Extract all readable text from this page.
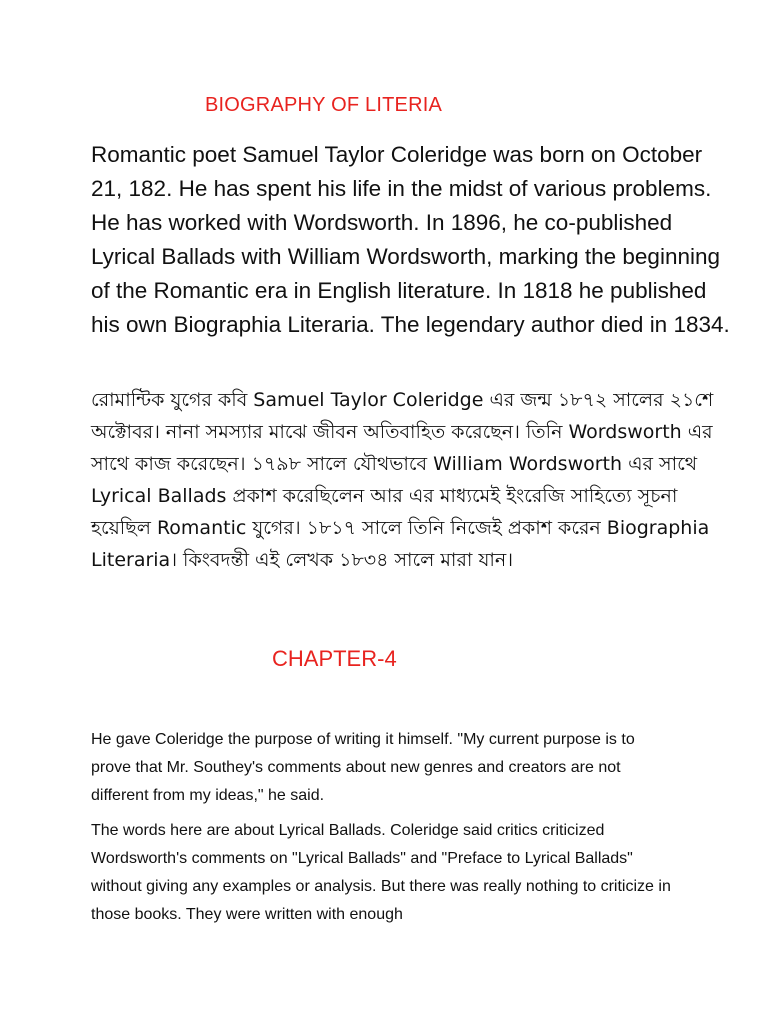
BIOGRAPHY OF LITERIA

Romantic poet Samuel Taylor Coleridge was born on October 21, 182. He has spent his life in the midst of various problems. He has worked with Wordsworth. In 1896, he co-published Lyrical Ballads with William Wordsworth, marking the beginning of the Romantic era in English literature. In 1818 he published his own Biographia Literaria. The legendary author died in 1834.

রোমান্টিক যুগের কবি Samuel Taylor Coleridge এর জন্ম ১৮৭২ সালের ২১শে অক্টোবর। নানা সমস্যার মাঝে জীবন অতিবাহিত করেছেন। তিনি Wordsworth এর সাথে কাজ করেছেন। ১৭৯৮ সালে যৌথভাবে William Wordsworth এর সাথে Lyrical Ballads প্রকাশ করেছিলেন আর এর মাধ্যমেই ইংরেজি সাহিত্যে সূচনা হয়েছিল Romantic যুগের। ১৮১৭ সালে তিনি নিজেই প্রকাশ করেন Biographia Literaria। কিংবদন্তী এই লেখক ১৮৩৪ সালে মারা যান।

CHAPTER-4

He gave Coleridge the purpose of writing it himself. "My current purpose is to prove that Mr. Southey's comments about new genres and creators are not different from my ideas," he said.

The words here are about Lyrical Ballads. Coleridge said critics criticized Wordsworth's comments on "Lyrical Ballads" and "Preface to Lyrical Ballads" without giving any examples or analysis. But there was really nothing to criticize in those books. They were written with enough
